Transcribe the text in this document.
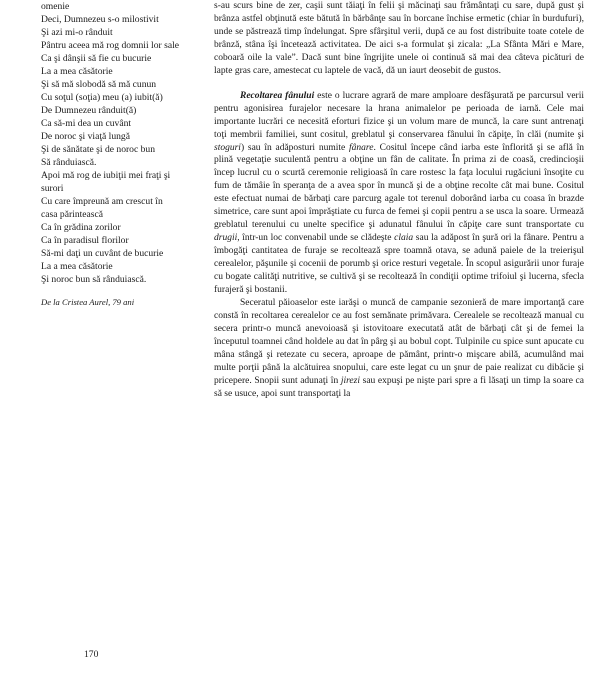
omenie
Deci, Dumnezeu s-o milostivit
Şi azi mi-o rânduit
Pântru aceea mă rog domnii lor sale
Ca şi dânşii să fie cu bucurie
La a mea căsătorie
Şi să mă slobodă să mă cunun
Cu soţul (soţia) meu (a) iubit(ă)
De Dumnezeu rânduit(ă)
Ca să-mi dea un cuvânt
De noroc şi viaţă lungă
Şi de sănătate şi de noroc bun
Să rânduiască.
Apoi mă rog de iubiţii mei fraţi şi surori
Cu care împreună am crescut în casa părintească
Ca în grădina zorilor
Ca în paradisul florilor
Să-mi daţi un cuvânt de bucurie
La a mea căsătorie
Şi noroc bun să rânduiască.
De la Cristea Aurel, 79 ani

s-au scurs bine de zer, caşii sunt tăiaţi în felii şi măcinaţi sau frământaţi cu sare, după gust şi brânza astfel obţinută este bătută în bărbânţe sau în borcane închise ermetic (chiar în burdufuri), unde se păstrează timp îndelungat. Spre sfârşitul verii, după ce au fost distribuite toate cotele de brânză, stâna îşi încetează activitatea. De aici s-a formulat şi zicala: „La Sfânta Mări e Mare, coboară oile la vale”. Dacă sunt bine îngrijite unele oi continuă să mai dea câteva picături de lapte gras care, amestecat cu laptele de vacă, dă un iaurt deosebit de gustos.

Recoltarea fânului este o lucrare agrară de mare amploare desfăşurată pe parcursul verii pentru agonisirea furajelor necesare la hrana animalelor pe perioada de iarnă. Cele mai importante lucrări ce necesită eforturi fizice şi un volum mare de muncă, la care sunt antrenaţi toţi membrii familiei, sunt cositul, greblatul şi conservarea fânului în căpiţe, în clăi (numite şi stoguri) sau în adăposturi numite fânare. Cositul începe când iarba este înflorită şi se află în plină vegetaţie suculentă pentru a obţine un fân de calitate. În prima zi de coasă, credincioşii încep lucrul cu o scurtă ceremonie religioasă în care rostesc la faţa locului rugăciuni însoţite cu fum de tămâie în speranţa de a avea spor în muncă şi de a obţine recolte cât mai bune. Cositul este efectuat numai de bărbaţi care parcurg agale tot terenul doborând iarba cu coasa în brazde simetrice, care sunt apoi împrăştiate cu furca de femei şi copii pentru a se usca la soare. Urmează greblatul terenului cu unelte specifice şi adunatul fânului în căpiţe care sunt transportate cu drugii, într-un loc convenabil unde se clădeşte claia sau la adăpost în şură ori la fânare. Pentru a îmbogăţi cantitatea de furaje se recoltează spre toamnă otava, se adună paiele de la treierişul cerealelor, păşunile şi cocenii de porumb şi orice resturi vegetale. În scopul asigurării unor furaje cu bogate calităţi nutritive, se cultivă şi se recoltează în condiţii optime trifoiul şi lucerna, sfecla furajeră şi bostanii.

Seceratul păioaselor este iarăşi o muncă de campanie sezonieră de mare importanţă care constă în recoltarea cerealelor ce au fost semănate primăvara. Cerealele se recoltează manual cu secera printr-o muncă anevoioasă şi istovitoare executată atât de bărbaţi cât şi de femei la începutul toamnei când holdele au dat în pârg şi au bobul copt. Tulpinile cu spice sunt apucate cu mâna stângă şi retezate cu secera, aproape de pământ, printr-o mişcare abilă, acumulând mai multe porţii până la alcătuirea snopului, care este legat cu un şnur de paie realizat cu dibăcie şi pricepere. Snopii sunt adunaţi în jirezi sau expuşi pe nişte pari spre a fi lăsaţi un timp la soare ca să se usuce, apoi sunt transportaţi la

170
